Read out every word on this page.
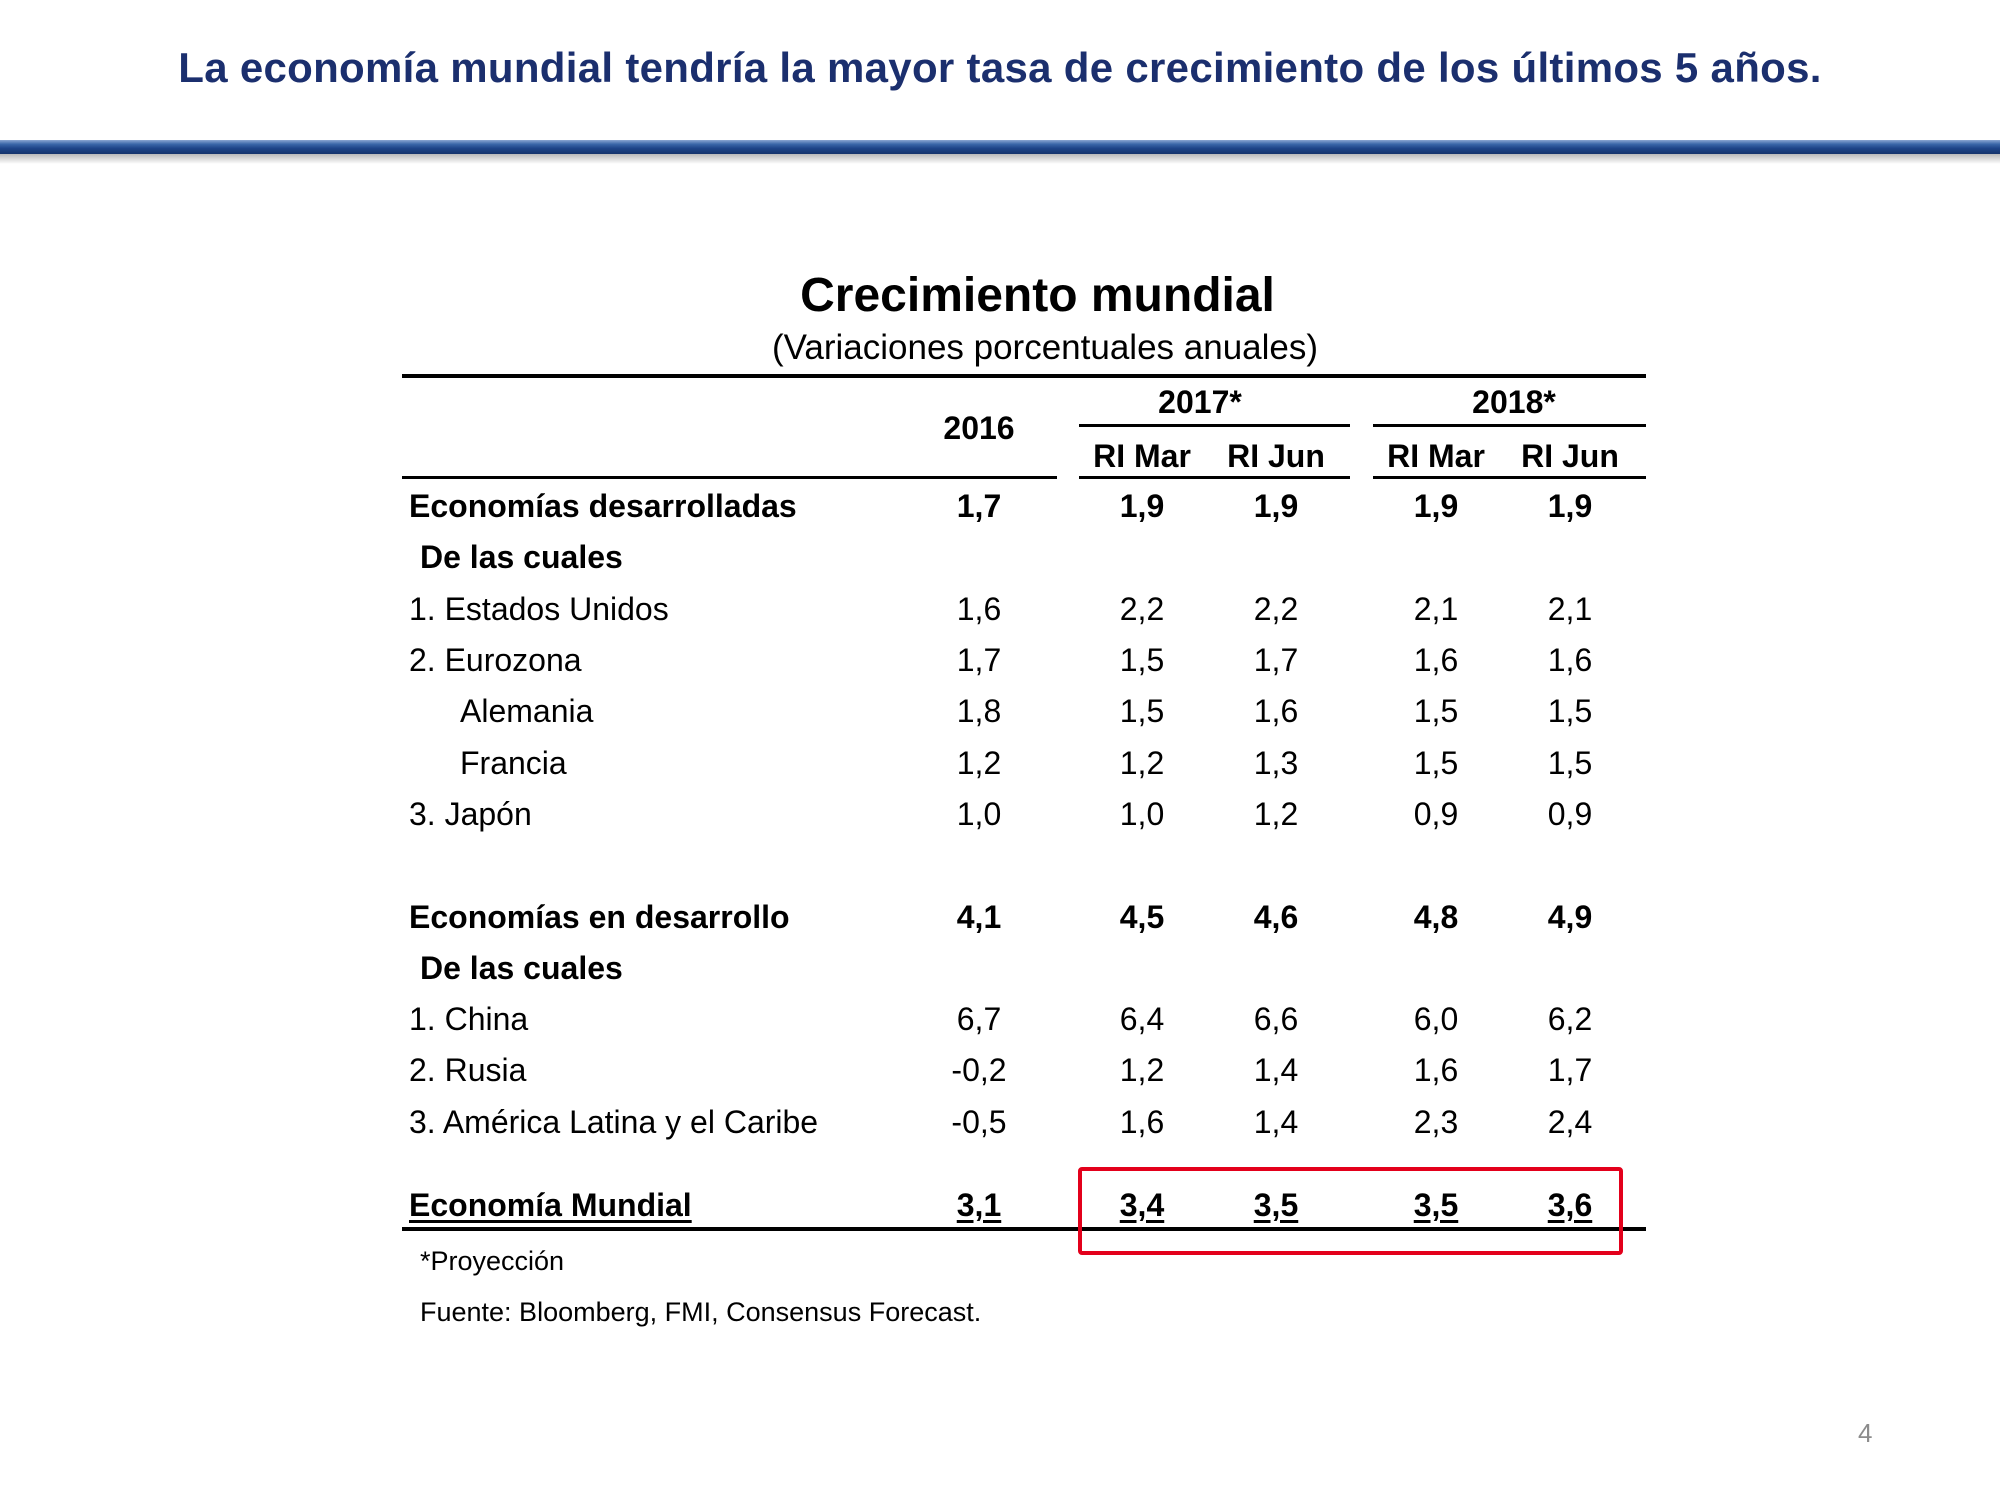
La economía mundial tendría la mayor tasa de crecimiento de los últimos 5 años.
Crecimiento mundial
(Variaciones porcentuales anuales)
2016
2017*	2018*
RI Mar	RI Jun	RI Mar	RI Jun
Economías desarrolladas	1,7	1,9	1,9	1,9	1,9
De las cuales
1. Estados Unidos	1,6	2,2	2,2	2,1	2,1
2. Eurozona	1,7	1,5	1,7	1,6	1,6
Alemania	1,8	1,5	1,6	1,5	1,5
Francia	1,2	1,2	1,3	1,5	1,5
3. Japón	1,0	1,0	1,2	0,9	0,9
Economías en desarrollo	4,1	4,5	4,6	4,8	4,9
De las cuales
1. China	6,7	6,4	6,6	6,0	6,2
2. Rusia	-0,2	1,2	1,4	1,6	1,7
3. América Latina y el Caribe	-0,5	1,6	1,4	2,3	2,4
Economía Mundial	3,1	3,4	3,5	3,5	3,6
*Proyección
Fuente: Bloomberg, FMI, Consensus Forecast.
4
